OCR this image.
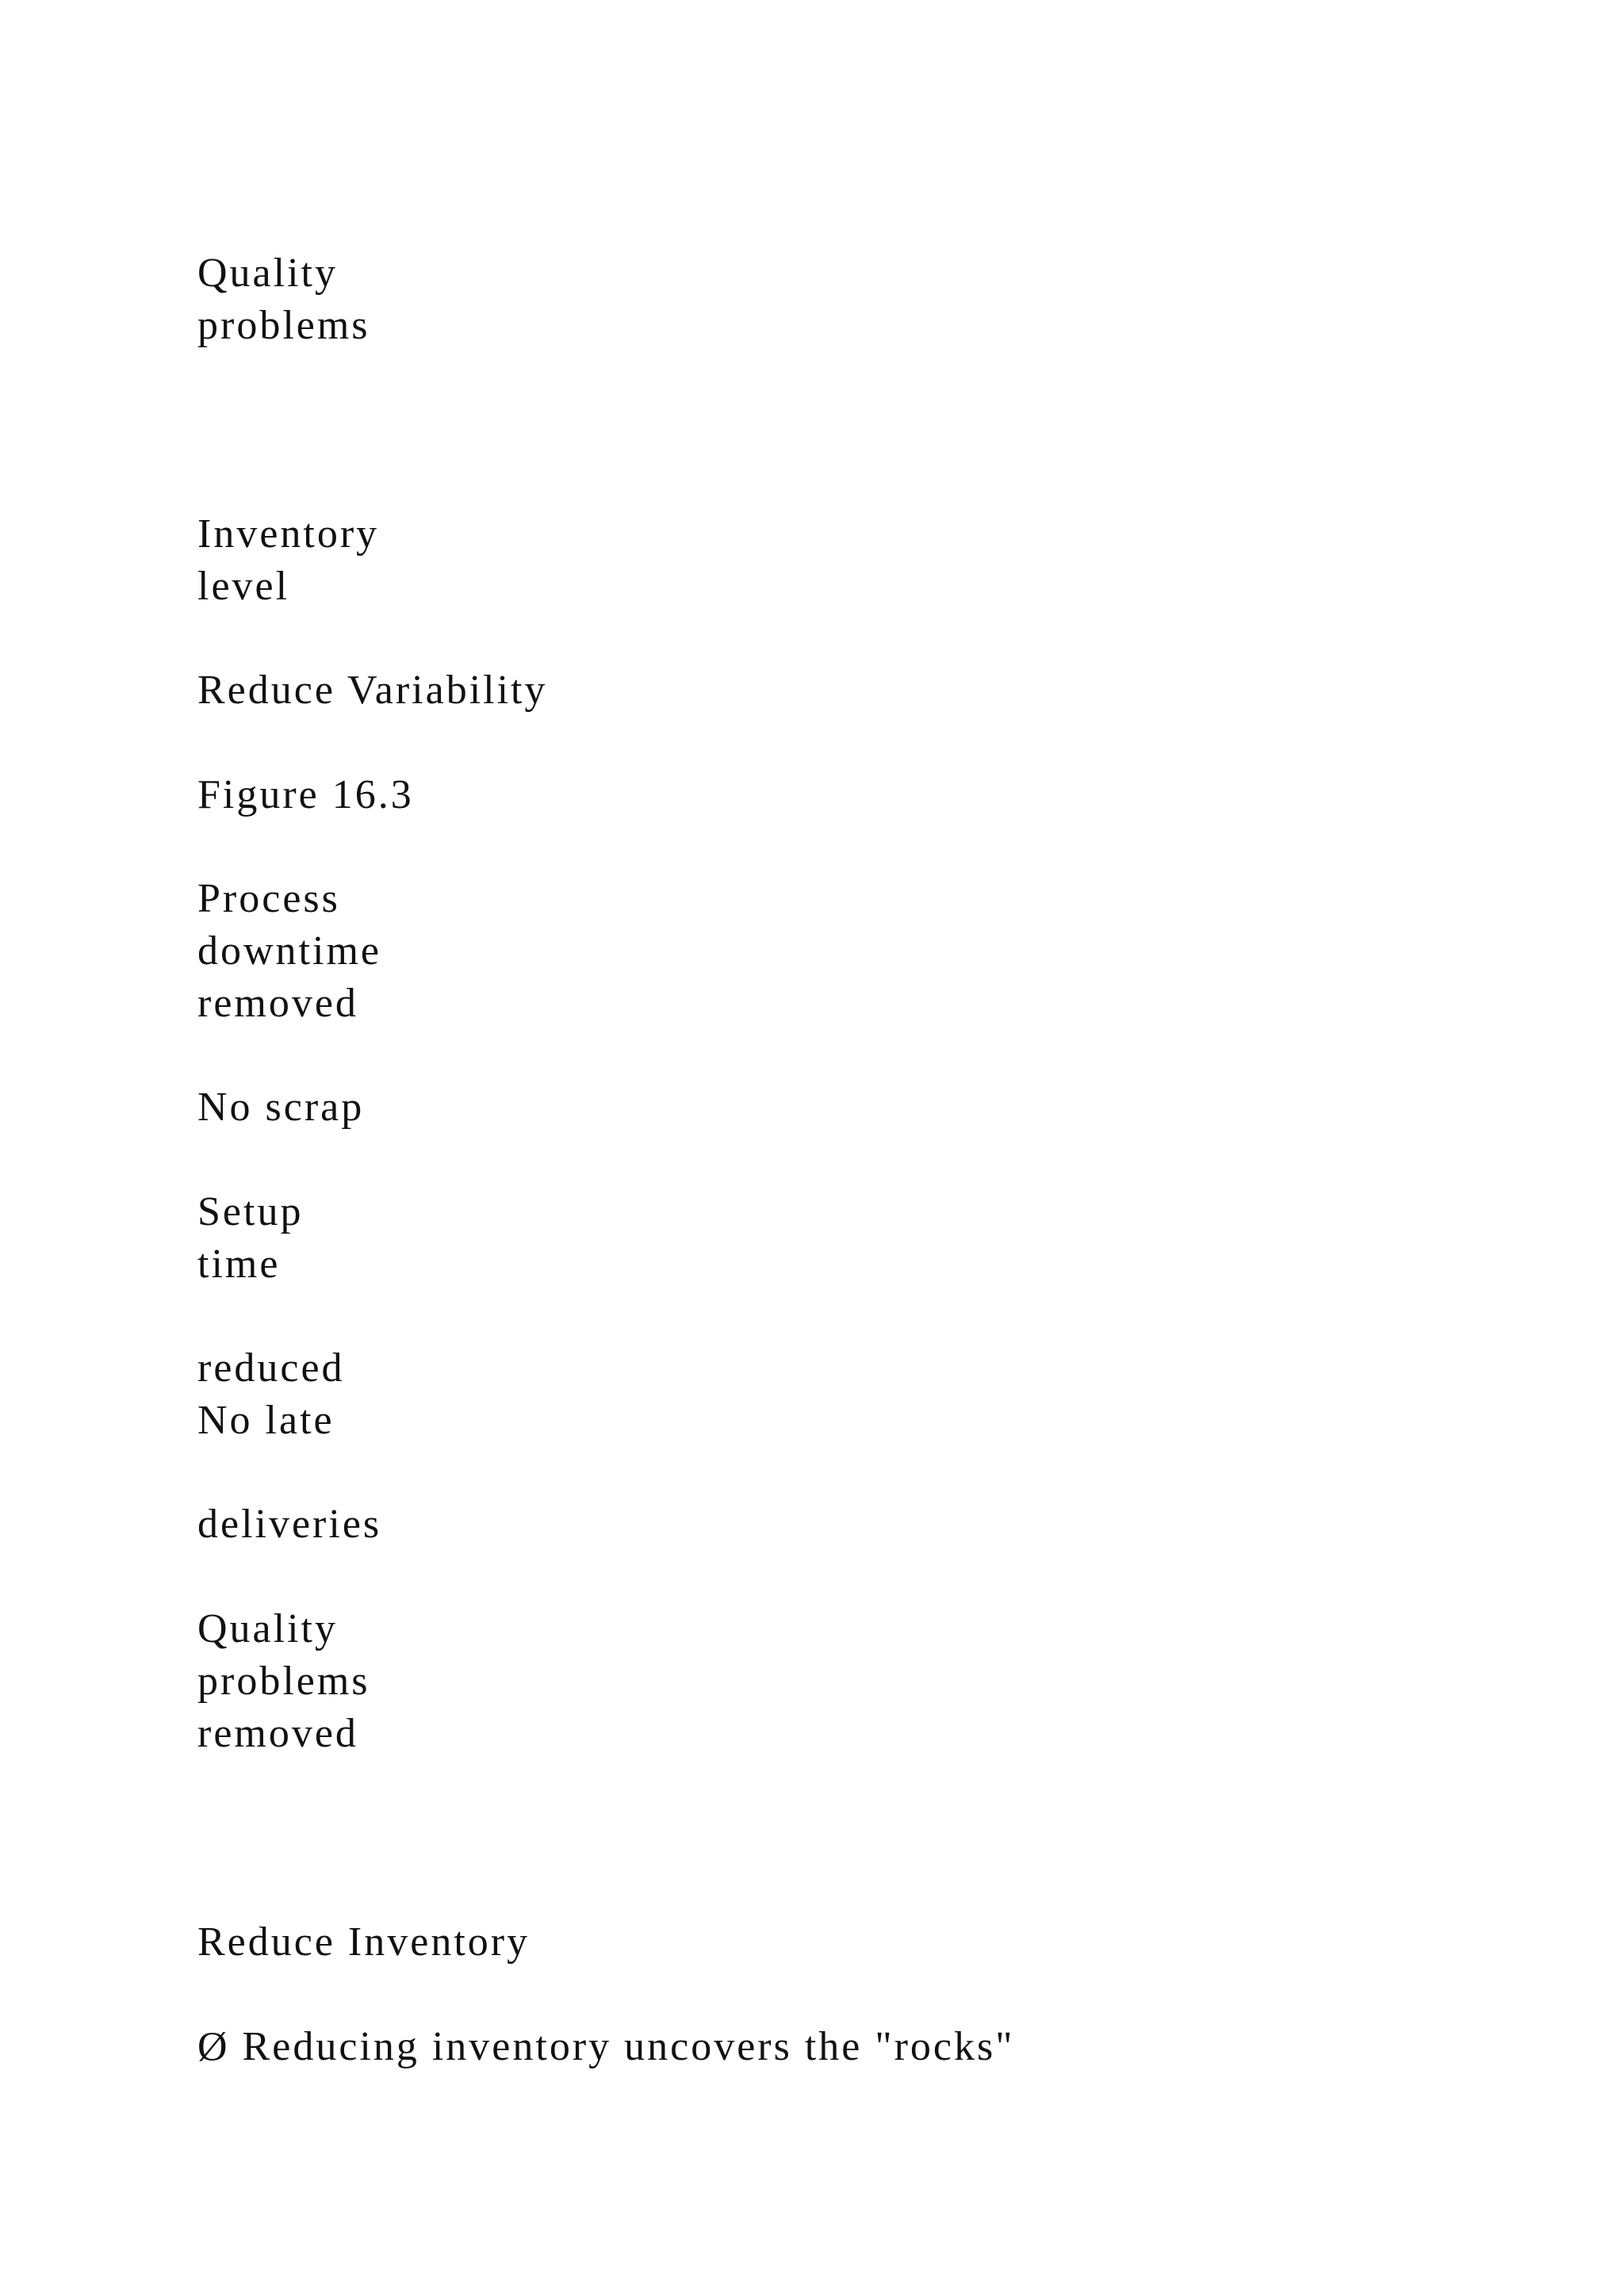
Quality
problems
Inventory
level
Reduce Variability
Figure 16.3
Process
downtime
removed
No scrap
Setup
time
reduced
No late
deliveries
Quality
problems
removed
Reduce Inventory
Ø Reducing inventory uncovers the "rocks"
